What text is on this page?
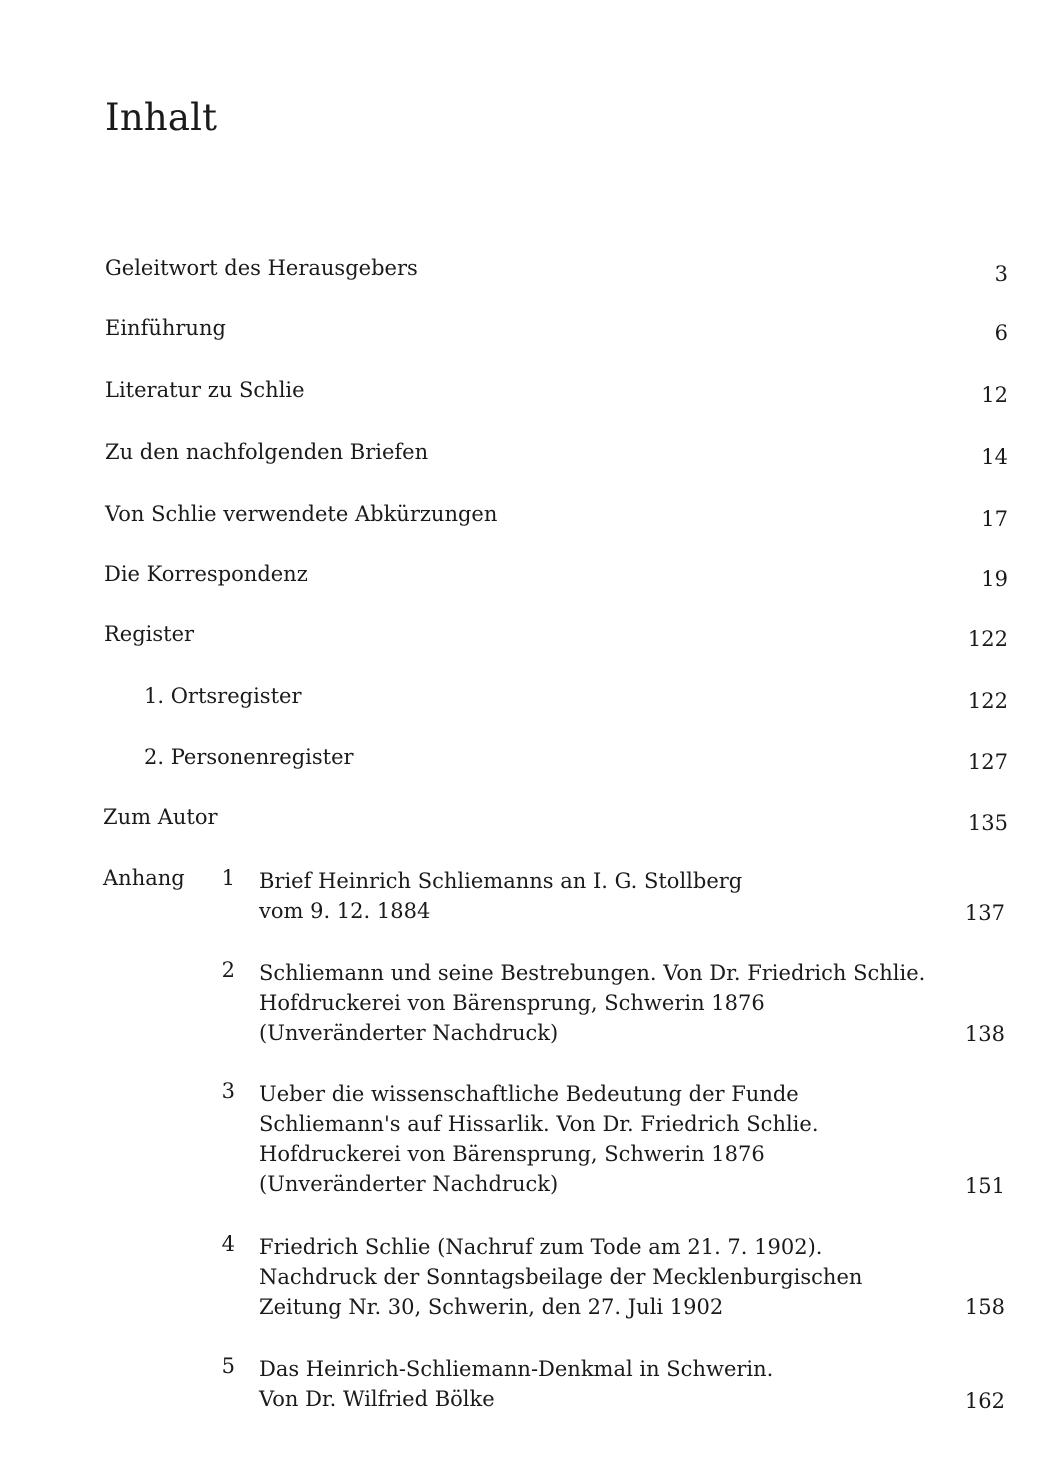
Inhalt
Geleitwort des Herausgebers	3
Einführung	6
Literatur zu Schlie	12
Zu den nachfolgenden Briefen	14
Von Schlie verwendete Abkürzungen	17
Die Korrespondenz	19
Register	122
1. Ortsregister	122
2. Personenregister	127
Zum Autor	135
Anhang 1 Brief Heinrich Schliemanns an I. G. Stollberg
vom 9. 12. 1884	137
2 Schliemann und seine Bestrebungen. Von Dr. Friedrich Schlie.
Hofdruckerei von Bärensprung, Schwerin 1876
(Unveränderter Nachdruck)	138
3 Ueber die wissenschaftliche Bedeutung der Funde
Schliemann's auf Hissarlik. Von Dr. Friedrich Schlie.
Hofdruckerei von Bärensprung, Schwerin 1876
(Unveränderter Nachdruck)	151
4 Friedrich Schlie (Nachruf zum Tode am 21. 7. 1902).
Nachdruck der Sonntagsbeilage der Mecklenburgischen
Zeitung Nr. 30, Schwerin, den 27. Juli 1902	158
5 Das Heinrich-Schliemann-Denkmal in Schwerin.
Von Dr. Wilfried Bölke	162
